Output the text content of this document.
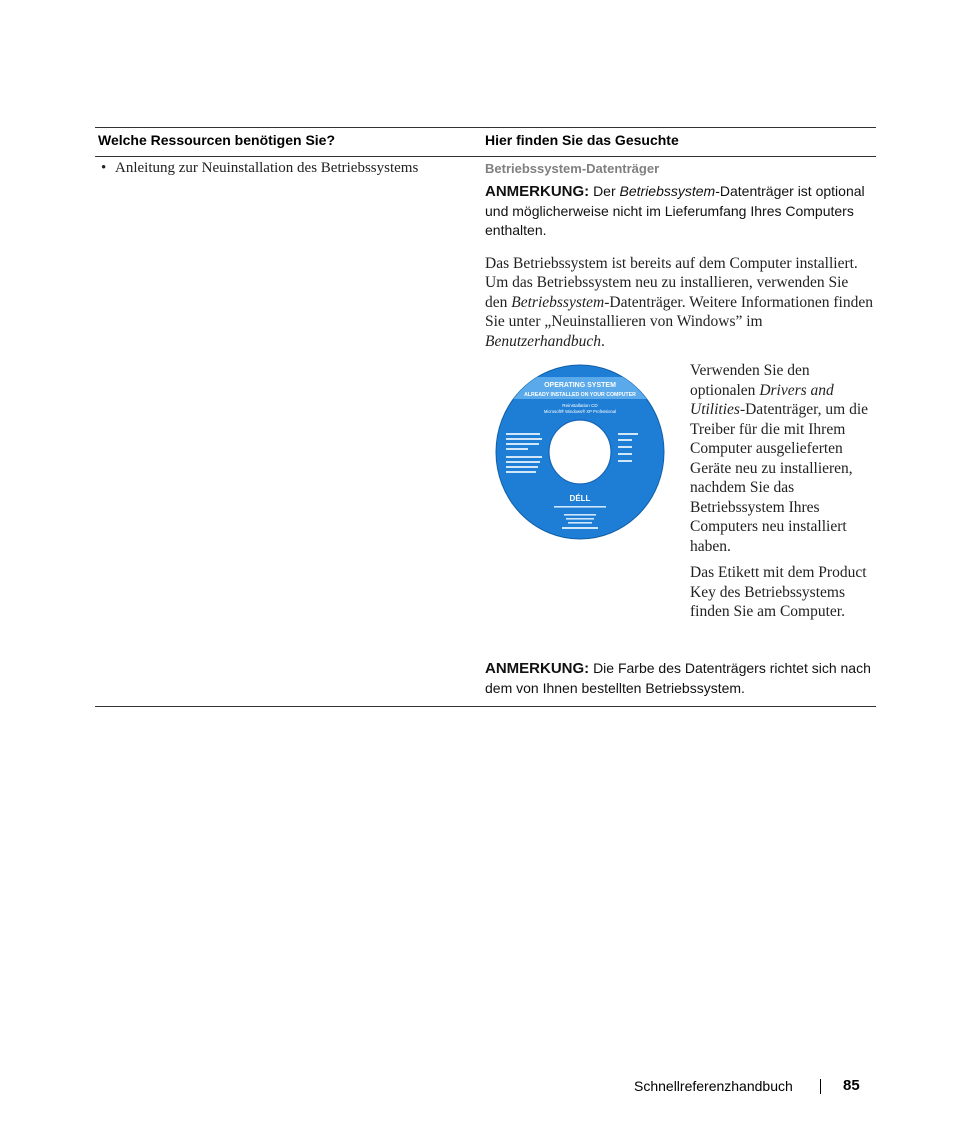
Welche Ressourcen benötigen Sie?	Hier finden Sie das Gesuchte
• Anleitung zur Neuinstallation des Betriebssystems	Betriebssystem-Datenträger

ANMERKUNG: Der Betriebssystem-Datenträger ist optional und möglicherweise nicht im Lieferumfang Ihres Computers enthalten.

Das Betriebssystem ist bereits auf dem Computer installiert. Um das Betriebssystem neu zu installieren, verwenden Sie den Betriebssystem-Datenträger. Weitere Informationen finden Sie unter „Neuinstallieren von Windows” im Benutzerhandbuch.

OPERATING SYSTEM
ALREADY INSTALLED ON YOUR COMPUTER
Reinstallation CD
Microsoft® Windows® XP Professional
DÉLL

Verwenden Sie den optionalen Drivers and Utilities-Datenträger, um die Treiber für die mit Ihrem Computer ausgelieferten Geräte neu zu installieren, nachdem Sie das Betriebssystem Ihres Computers neu installiert haben.

Das Etikett mit dem Product Key des Betriebssystems finden Sie am Computer.

ANMERKUNG: Die Farbe des Datenträgers richtet sich nach dem von Ihnen bestellten Betriebssystem.

Schnellreferenzhandbuch	85
